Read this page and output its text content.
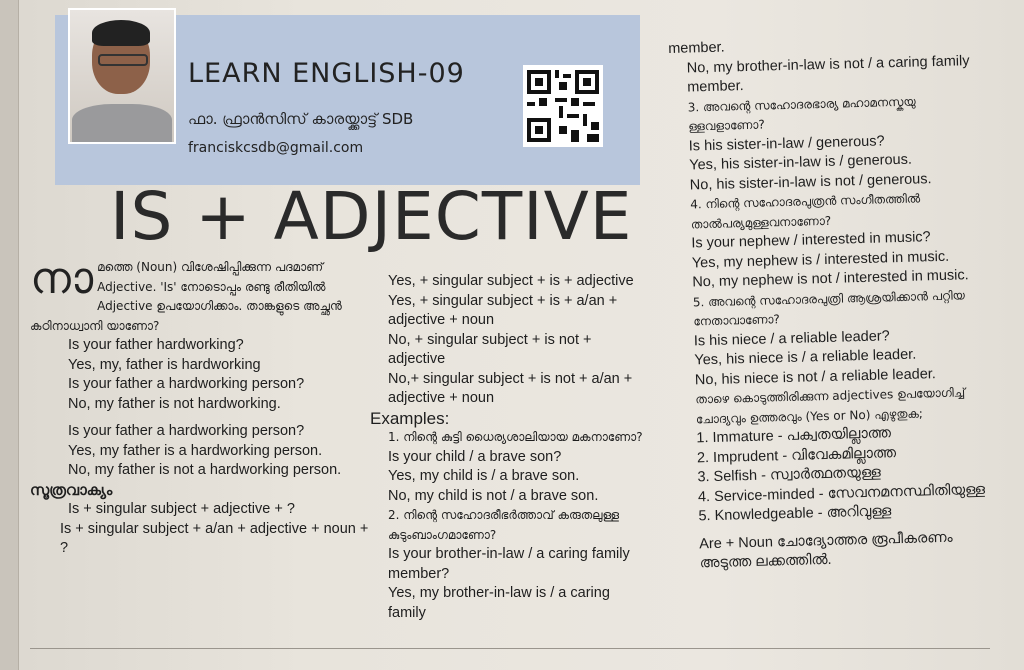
LEARN ENGLISH-09
ഫാ. ഫ്രാൻസിസ് കാരയ്ക്കാട്ട് SDB
franciskcsdb@gmail.com
IS + ADJECTIVE
നാ മത്തെ (Noun) വിശേഷിപ്പിക്കുന്ന പദമാണ് Adjective. 'Is' നോടൊപ്പം രണ്ടു രീതിയിൽ Adjective ഉപയോഗിക്കാം. താങ്കളുടെ അച്ഛൻ കഠിനാധ്വാനി യാണോ?

Is your father hardworking?

Yes, my, father is hardworking

Is your father a hardworking person?

No, my father is not hardworking.

Is your father a hardworking person?

Yes, my father is a hardworking person.

No, my father is not a hardworking person.

സൂത്രവാക്യം

Is + singular subject + adjective + ?

Is + singular subject + a/an + adjective + noun + ?

Yes, + singular subject + is + adjective

Yes, + singular subject + is + a/an + adjective + noun

No, + singular subject + is not + adjective

No,+ singular subject + is not + a/an + adjective + noun

Examples:

1. നിന്റെ കുട്ടി ധൈര്യശാലിയായ മകനാണോ?

Is your child / a brave son?

Yes, my child is / a brave son.

No, my child is not / a brave son.

2. നിന്റെ സഹോദരീഭർത്താവ് കരുതലുള്ള കുടുംബാംഗമാണോ?

Is your brother-in-law / a caring family member?

Yes, my brother-in-law is / a caring family

member.

No, my brother-in-law is not / a caring family member.

3. അവന്റെ സഹോദരഭാര്യ മഹാമനസ്കയു ള്ളവളാണോ?

Is his sister-in-law / generous?

Yes, his sister-in-law is / generous.

No, his sister-in-law is not / generous.

4. നിന്റെ സഹോദരപുത്രൻ സംഗീതത്തിൽ താൽപര്യമുള്ളവനാണോ?

Is your nephew / interested in music?

Yes, my nephew is / interested in music.

No, my nephew is not / interested in music.

5. അവന്റെ സഹോദരപുത്രി ആശ്രയിക്കാൻ പറ്റിയ നേതാവാണോ?

Is his niece / a reliable leader?

Yes, his niece is / a reliable leader.

No, his niece is not / a reliable leader.

താഴെ കൊടുത്തിരിക്കുന്ന adjectives ഉപയോഗിച്ച് ചോദ്യവും ഉത്തരവും (Yes or No) എഴുതുക;

1. Immature - പക്വതയില്ലാത്ത

2. Imprudent - വിവേകമില്ലാത്ത

3. Selfish - സ്വാർത്ഥതയുള്ള

4. Service-minded - സേവനമനസ്ഥിതിയുള്ള

5. Knowledgeable - അറിവുള്ള

Are + Noun ചോദ്യോത്തര രൂപീകരണം അടുത്ത ലക്കത്തിൽ.
